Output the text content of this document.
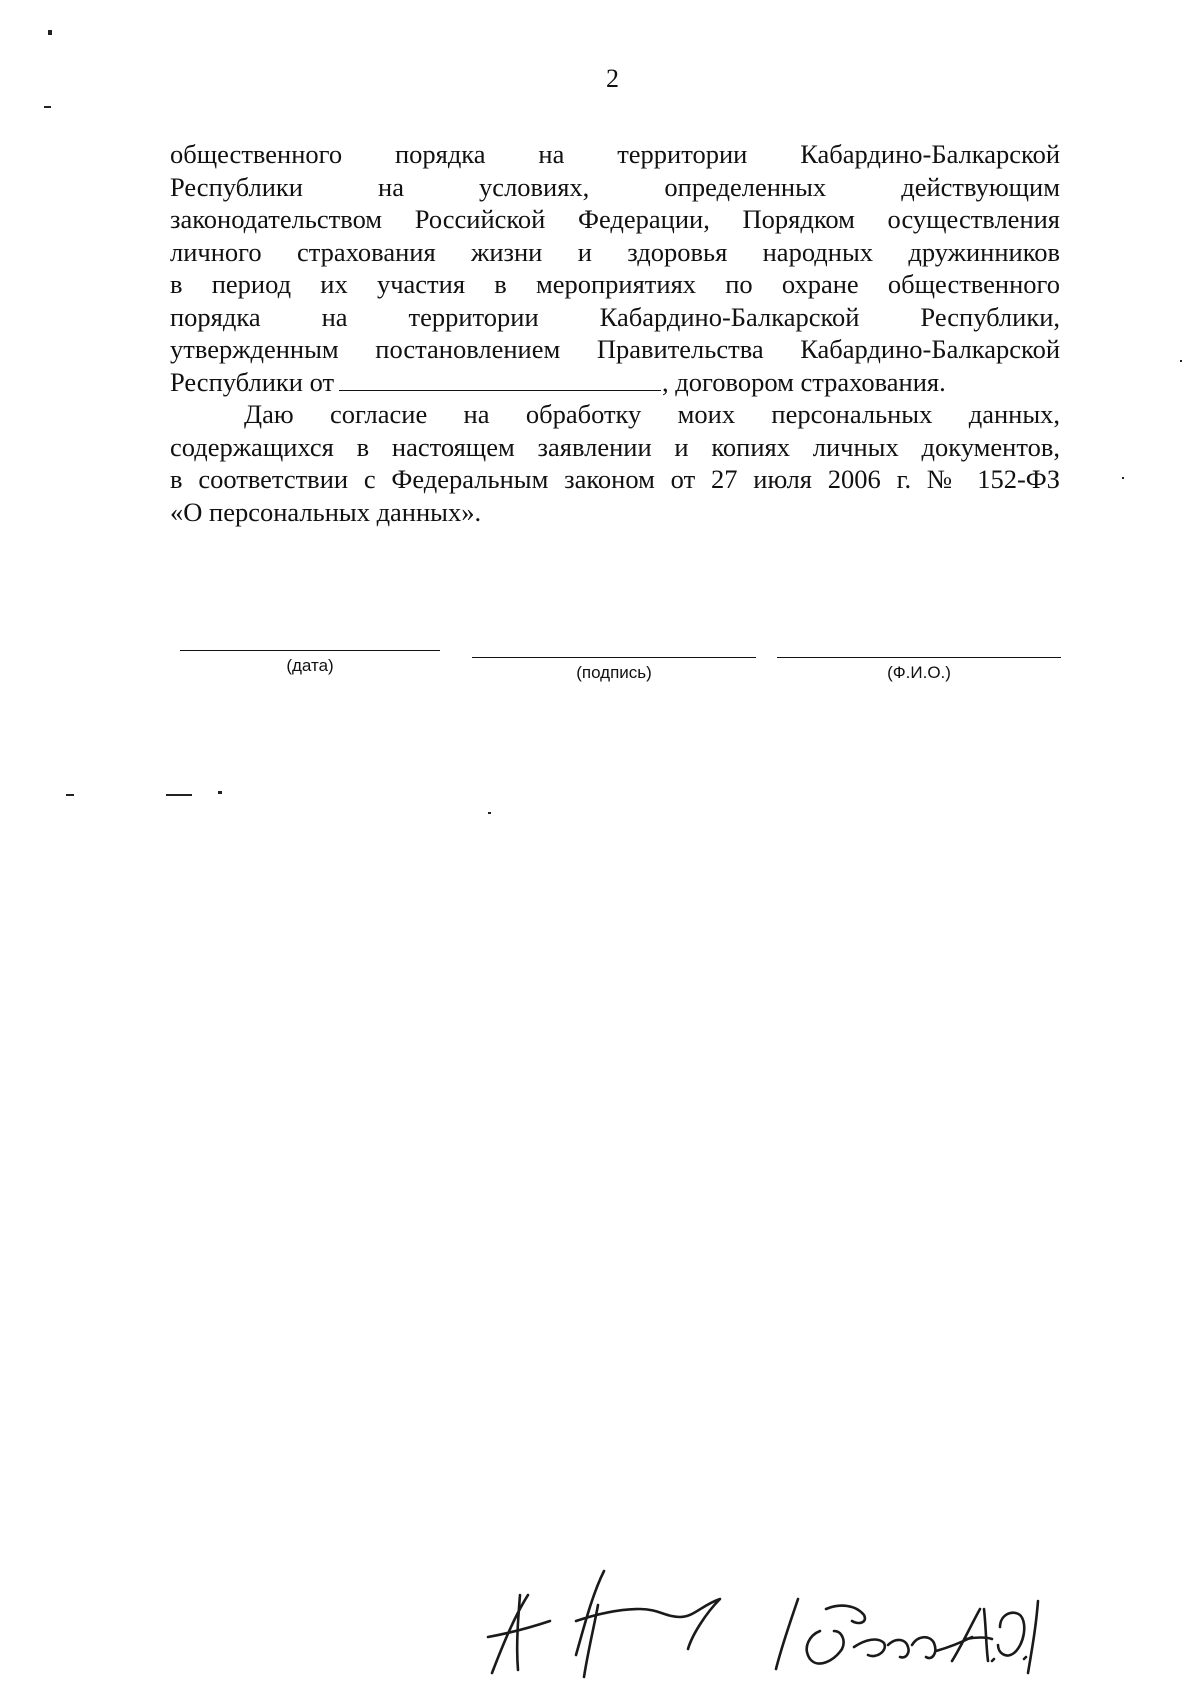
2
общественного порядка на территории Кабардино-Балкарской
Республики на условиях, определенных действующим
законодательством Российской Федерации, Порядком осуществления
личного страхования жизни и здоровья народных дружинников
в период их участия в мероприятиях по охране общественного
порядка на территории Кабардино-Балкарской Республики,
утвержденным постановлением Правительства Кабардино-Балкарской
Республики от	, договором страхования.
Даю согласие на обработку моих персональных данных,
содержащихся в настоящем заявлении и копиях личных документов,
в соответствии с Федеральным законом от 27 июля 2006 г. № 152-ФЗ
«О персональных данных».
(дата)	(подпись)	(Ф.И.О.)
